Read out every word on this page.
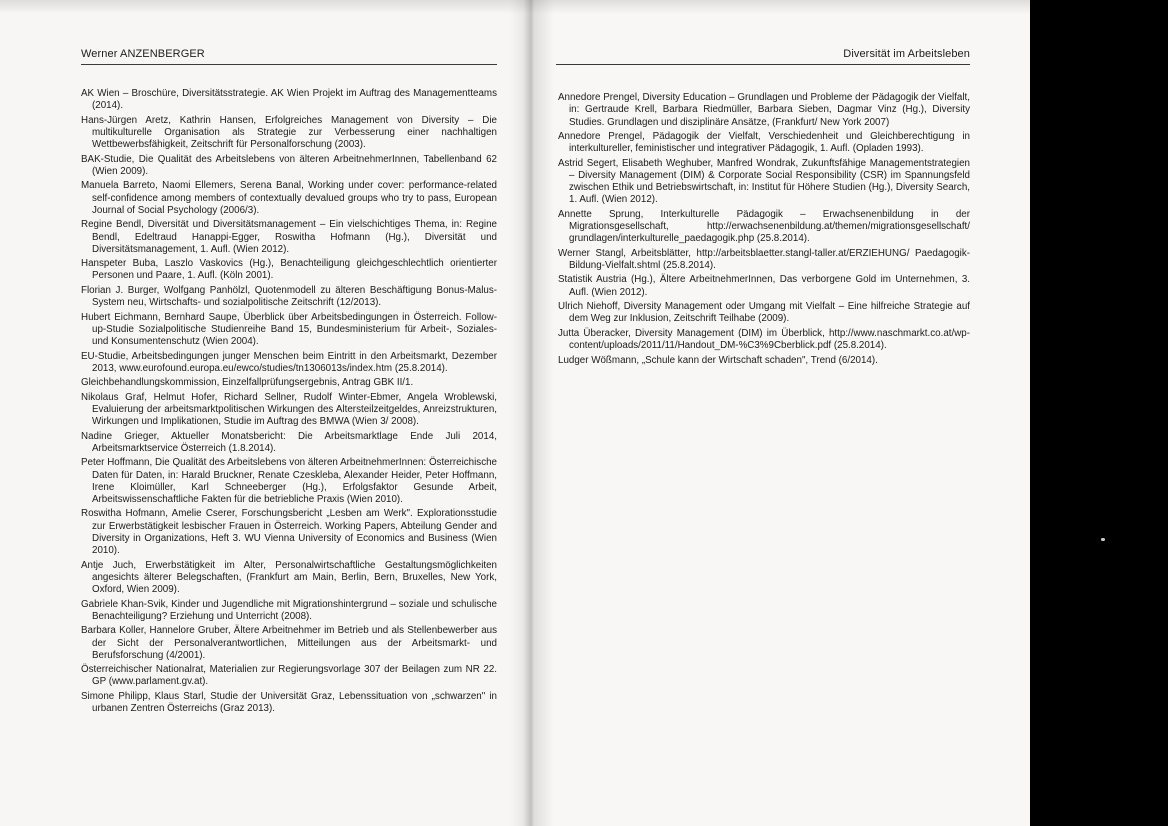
Werner ANZENBERGER

AK Wien – Broschüre, Diversitätsstrategie. AK Wien Projekt im Auftrag des Managementteams (2014).

Hans-Jürgen Aretz, Kathrin Hansen, Erfolgreiches Management von Diversity – Die multikulturelle Organisation als Strategie zur Verbesserung einer nachhaltigen Wettbewerbsfähigkeit, Zeitschrift für Personalforschung (2003).

BAK-Studie, Die Qualität des Arbeitslebens von älteren ArbeitnehmerInnen, Tabellenband 62 (Wien 2009).

Manuela Barreto, Naomi Ellemers, Serena Banal, Working under cover: performance-related self-confidence among members of contextually devalued groups who try to pass, European Journal of Social Psychology (2006/3).

Regine Bendl, Diversität und Diversitätsmanagement – Ein vielschichtiges Thema, in: Regine Bendl, Edeltraud Hanappi-Egger, Roswitha Hofmann (Hg.), Diversität und Diversitätsmanagement, 1. Aufl. (Wien 2012).

Hanspeter Buba, Laszlo Vaskovics (Hg.), Benachteiligung gleichgeschlechtlich orientierter Personen und Paare, 1. Aufl. (Köln 2001).

Florian J. Burger, Wolfgang Panhölzl, Quotenmodell zu älteren Beschäftigung Bonus-Malus-System neu, Wirtschafts- und sozialpolitische Zeitschrift (12/2013).

Hubert Eichmann, Bernhard Saupe, Überblick über Arbeitsbedingungen in Österreich. Follow-up-Studie Sozialpolitische Studienreihe Band 15, Bundesministerium für Arbeit-, Soziales- und Konsumentenschutz (Wien 2004).

EU-Studie, Arbeitsbedingungen junger Menschen beim Eintritt in den Arbeitsmarkt, Dezember 2013, www.eurofound.europa.eu/ewco/studies/tn1306013s/index.htm (25.8.2014).

Gleichbehandlungskommission, Einzelfallprüfungsergebnis, Antrag GBK II/1.

Nikolaus Graf, Helmut Hofer, Richard Sellner, Rudolf Winter-Ebmer, Angela Wroblewski, Evaluierung der arbeitsmarktpolitischen Wirkungen des Altersteilzeitgeldes, Anreizstrukturen, Wirkungen und Implikationen, Studie im Auftrag des BMWA (Wien 3/ 2008).

Nadine Grieger, Aktueller Monatsbericht: Die Arbeitsmarktlage Ende Juli 2014, Arbeitsmarktservice Österreich (1.8.2014).

Peter Hoffmann, Die Qualität des Arbeitslebens von älteren ArbeitnehmerInnen: Österreichische Daten für Daten, in: Harald Bruckner, Renate Czeskleba, Alexander Heider, Peter Hoffmann, Irene Kloimüller, Karl Schneeberger (Hg.), Erfolgsfaktor Gesunde Arbeit, Arbeitswissenschaftliche Fakten für die betriebliche Praxis (Wien 2010).

Roswitha Hofmann, Amelie Cserer, Forschungsbericht „Lesben am Werk". Explorationsstudie zur Erwerbstätigkeit lesbischer Frauen in Österreich. Working Papers, Abteilung Gender and Diversity in Organizations, Heft 3. WU Vienna University of Economics and Business (Wien 2010).

Antje Juch, Erwerbstätigkeit im Alter, Personalwirtschaftliche Gestaltungsmöglichkeiten angesichts älterer Belegschaften, (Frankfurt am Main, Berlin, Bern, Bruxelles, New York, Oxford, Wien 2009).

Gabriele Khan-Svik, Kinder und Jugendliche mit Migrationshintergrund – soziale und schulische Benachteiligung? Erziehung und Unterricht (2008).

Barbara Koller, Hannelore Gruber, Ältere Arbeitnehmer im Betrieb und als Stellenbewerber aus der Sicht der Personalverantwortlichen, Mitteilungen aus der Arbeitsmarkt- und Berufsforschung (4/2001).

Österreichischer Nationalrat, Materialien zur Regierungsvorlage 307 der Beilagen zum NR 22. GP (www.parlament.gv.at).

Simone Philipp, Klaus Starl, Studie der Universität Graz, Lebenssituation von „schwarzen" in urbanen Zentren Österreichs (Graz 2013).

Diversität im Arbeitsleben

Annedore Prengel, Diversity Education – Grundlagen und Probleme der Pädagogik der Vielfalt, in: Gertraude Krell, Barbara Riedmüller, Barbara Sieben, Dagmar Vinz (Hg.), Diversity Studies. Grundlagen und disziplinäre Ansätze, (Frankfurt/ New York 2007)

Annedore Prengel, Pädagogik der Vielfalt, Verschiedenheit und Gleichberechtigung in interkultureller, feministischer und integrativer Pädagogik, 1. Aufl. (Opladen 1993).

Astrid Segert, Elisabeth Weghuber, Manfred Wondrak, Zukunftsfähige Managementstrategien – Diversity Management (DIM) & Corporate Social Responsibility (CSR) im Spannungsfeld zwischen Ethik und Betriebswirtschaft, in: Institut für Höhere Studien (Hg.), Diversity Search, 1. Aufl. (Wien 2012).

Annette Sprung, Interkulturelle Pädagogik – Erwachsenenbildung in der Migrationsgesellschaft, http://erwachsenenbildung.at/themen/migrationsgesellschaft/ grundlagen/interkulturelle_paedagogik.php (25.8.2014).

Werner Stangl, Arbeitsblätter, http://arbeitsblaetter.stangl-taller.at/ERZIEHUNG/ Paedagogik-Bildung-Vielfalt.shtml (25.8.2014).

Statistik Austria (Hg.), Ältere ArbeitnehmerInnen, Das verborgene Gold im Unternehmen, 3. Aufl. (Wien 2012).

Ulrich Niehoff, Diversity Management oder Umgang mit Vielfalt – Eine hilfreiche Strategie auf dem Weg zur Inklusion, Zeitschrift Teilhabe (2009).

Jutta Überacker, Diversity Management (DIM) im Überblick, http://www.naschmarkt.co.at/wp-content/uploads/2011/11/Handout_DM-%C3%9Cberblick.pdf (25.8.2014).

Ludger Wößmann, „Schule kann der Wirtschaft schaden", Trend (6/2014).
